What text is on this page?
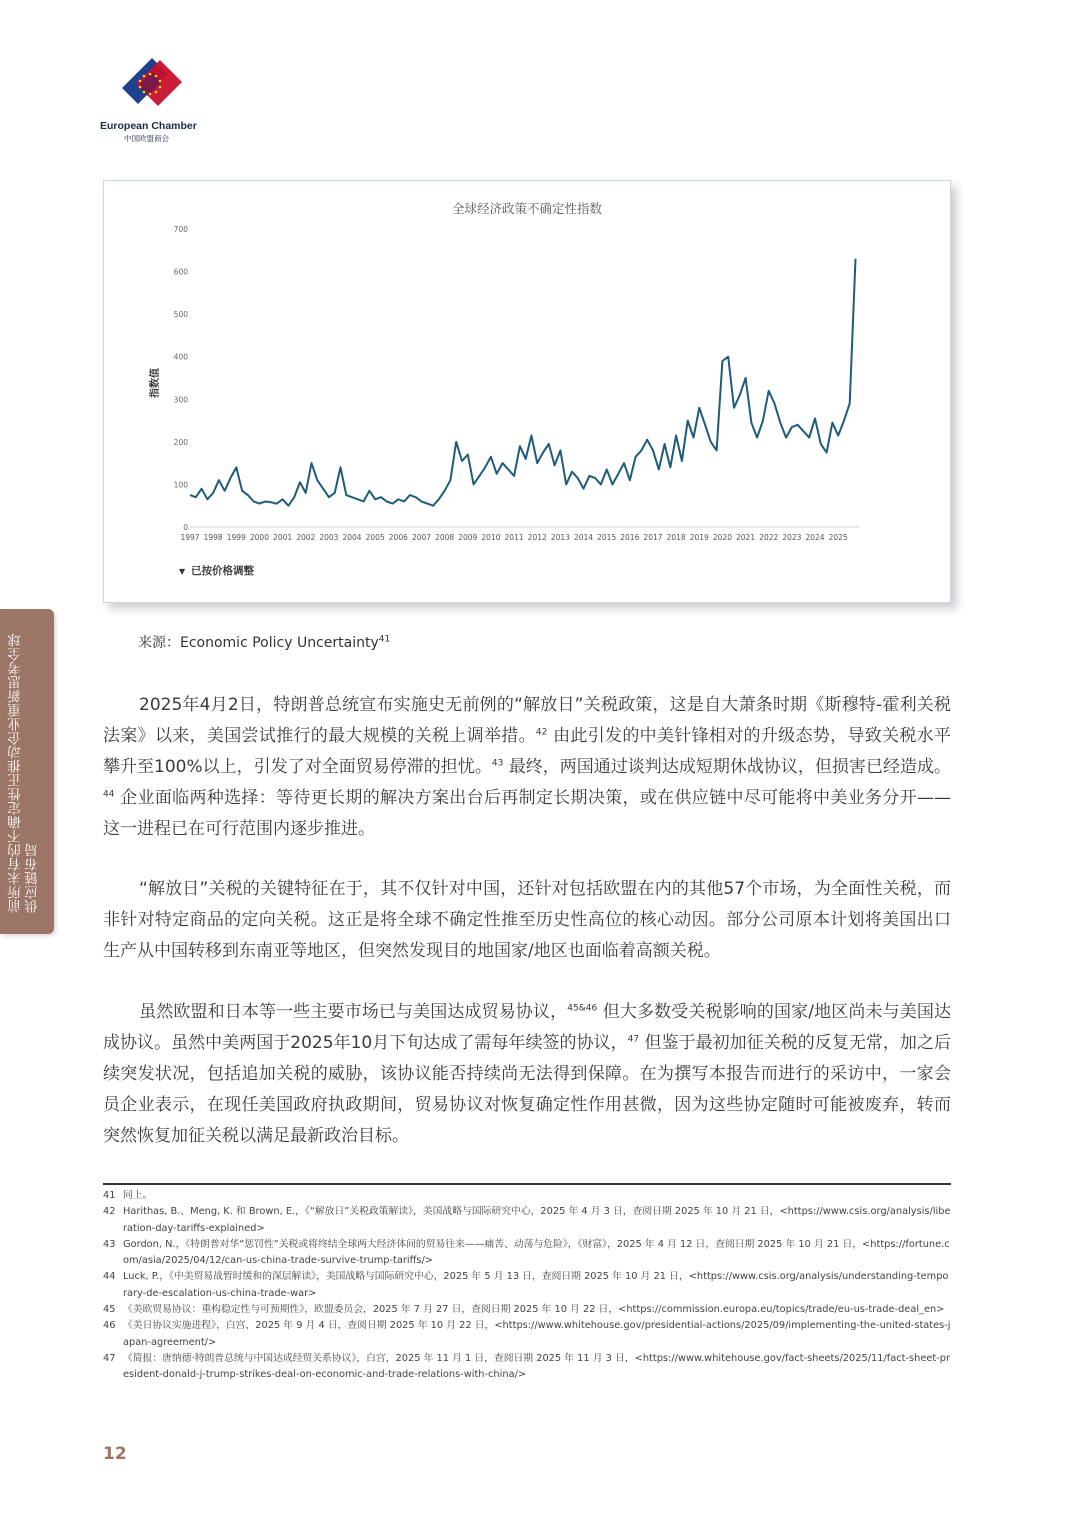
European Chamber
中国欧盟商会
前所未有的不确定性正推动企业重新思考全球供应链布局
全球经济政策不确定性指数
0
100
200
300
400
500
600
700
1997 1998 1999 2000 2001 2002 2003 2004 2005 2006 2007 2008 2009 2010 2011 2012 2013 2014 2015 2016 2017 2018 2019 2020 2021 2022 2023 2024 2025
指数值
▼ 已按价格调整
来源：Economic Policy Uncertainty$^{41}$

2025年4月2日，特朗普总统宣布实施史无前例的“解放日”关税政策，这是自大萧条时期《斯穆特-霍利关税法案》以来，美国尝试推行的最大规模的关税上调举措。$^{42}$ 由此引发的中美针锋相对的升级态势，导致关税水平攀升至100%以上，引发了对全面贸易停滞的担忧。$^{43}$ 最终，两国通过谈判达成短期休战协议，但损害已经造成。$^{44}$ 企业面临两种选择：等待更长期的解决方案出台后再制定长期决策，或在供应链中尽可能将中美业务分开——这一进程已在可行范围内逐步推进。

“解放日”关税的关键特征在于，其不仅针对中国，还针对包括欧盟在内的其他57个市场，为全面性关税，而非针对特定商品的定向关税。这正是将全球不确定性推至历史性高位的核心动因。部分公司原本计划将美国出口生产从中国转移到东南亚等地区，但突然发现目的地国家/地区也面临着高额关税。

虽然欧盟和日本等一些主要市场已与美国达成贸易协议，$^{45\&46}$ 但大多数受关税影响的国家/地区尚未与美国达成协议。虽然中美两国于2025年10月下旬达成了需每年续签的协议，$^{47}$ 但鉴于最初加征关税的反复无常，加之后续突发状况，包括追加关税的威胁，该协议能否持续尚无法得到保障。在为撰写本报告而进行的采访中，一家会员企业表示，在现任美国政府执政期间，贸易协议对恢复确定性作用甚微，因为这些协定随时可能被废弃，转而突然恢复加征关税以满足最新政治目标。

41 同上。
42 Harithas, B.、Meng, K. 和 Brown, E.，《“解放日”关税政策解读》，美国战略与国际研究中心，2025 年 4 月 3 日，查阅日期 2025 年 10 月 21 日，<https://www.csis.org/analysis/liberation-day-tariffs-explained>
43 Gordon, N.，《特朗普对华“惩罚性”关税或将终结全球两大经济体间的贸易往来——痛苦、动荡与危险》，《财富》，2025 年 4 月 12 日，查阅日期 2025 年 10 月 21 日，<https://fortune.com/asia/2025/04/12/can-us-china-trade-survive-trump-tariffs/>
44 Luck, P.，《中美贸易战暂时缓和的深层解读》，美国战略与国际研究中心，2025 年 5 月 13 日，查阅日期 2025 年 10 月 21 日，<https://www.csis.org/analysis/understanding-temporary-de-escalation-us-china-trade-war>
45 《美欧贸易协议：重构稳定性与可预期性》，欧盟委员会，2025 年 7 月 27 日，查阅日期 2025 年 10 月 22 日，<https://commission.europa.eu/topics/trade/eu-us-trade-deal_en>
46 《美日协议实施进程》，白宫，2025 年 9 月 4 日，查阅日期 2025 年 10 月 22 日，<https://www.whitehouse.gov/presidential-actions/2025/09/implementing-the-united-states-japan-agreement/>
47 《简报：唐纳德·特朗普总统与中国达成经贸关系协议》，白宫，2025 年 11 月 1 日，查阅日期 2025 年 11 月 3 日，<https://www.whitehouse.gov/fact-sheets/2025/11/fact-sheet-president-donald-j-trump-strikes-deal-on-economic-and-trade-relations-with-china/>
12
